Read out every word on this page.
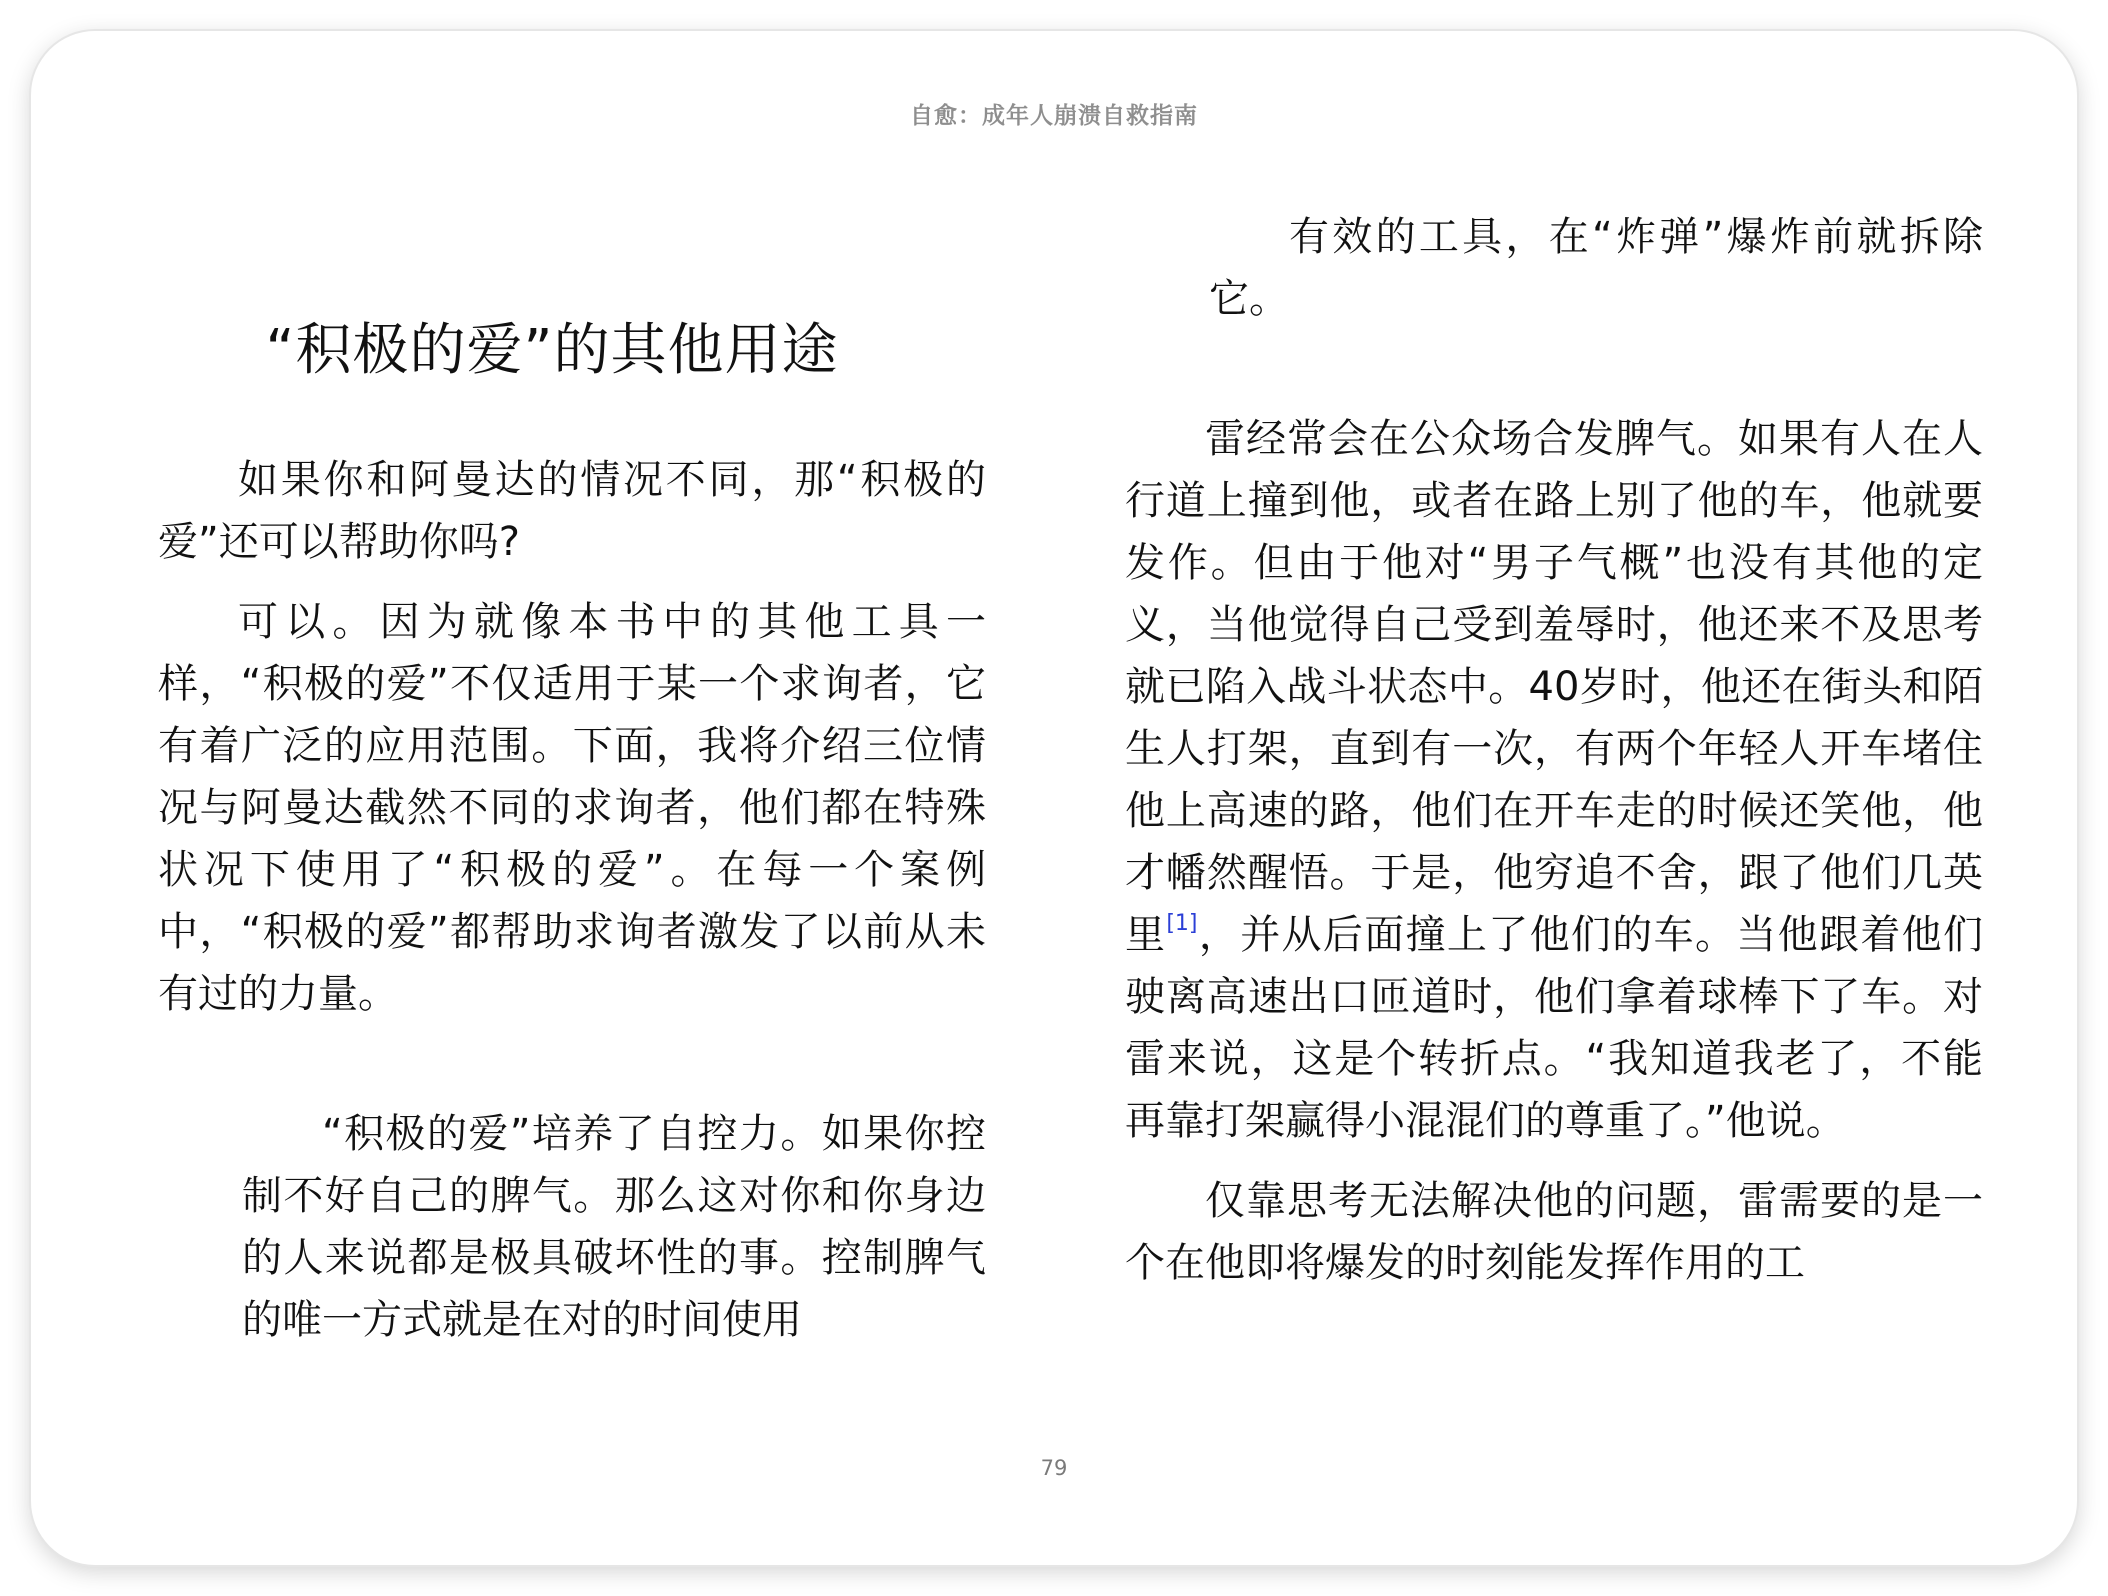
自愈：成年人崩溃自救指南
“积极的爱”的其他用途

如果你和阿曼达的情况不同，那“积极的爱”还可以帮助你吗?

可以。因为就像本书中的其他工具一样，“积极的爱”不仅适用于某一个求询者，它有着广泛的应用范围。下面，我将介绍三位情况与阿曼达截然不同的求询者，他们都在特殊状况下使用了“积极的爱”。在每一个案例中，“积极的爱”都帮助求询者激发了以前从未有过的力量。

“积极的爱”培养了自控力。如果你控制不好自己的脾气。那么这对你和你身边的人来说都是极具破坏性的事。控制脾气的唯一方式就是在对的时间使用

有效的工具，在“炸弹”爆炸前就拆除它。

雷经常会在公众场合发脾气。如果有人在人行道上撞到他，或者在路上别了他的车，他就要发作。但由于他对“男子气概”也没有其他的定义，当他觉得自己受到羞辱时，他还来不及思考就已陷入战斗状态中。40岁时，他还在街头和陌生人打架，直到有一次，有两个年轻人开车堵住他上高速的路，他们在开车走的时候还笑他，他才幡然醒悟。于是，他穷追不舍，跟了他们几英里[1]，并从后面撞上了他们的车。当他跟着他们驶离高速出口匝道时，他们拿着球棒下了车。对雷来说，这是个转折点。“我知道我老了，不能再靠打架赢得小混混们的尊重了。”他说。

仅靠思考无法解决他的问题，雷需要的是一个在他即将爆发的时刻能发挥作用的工

79
